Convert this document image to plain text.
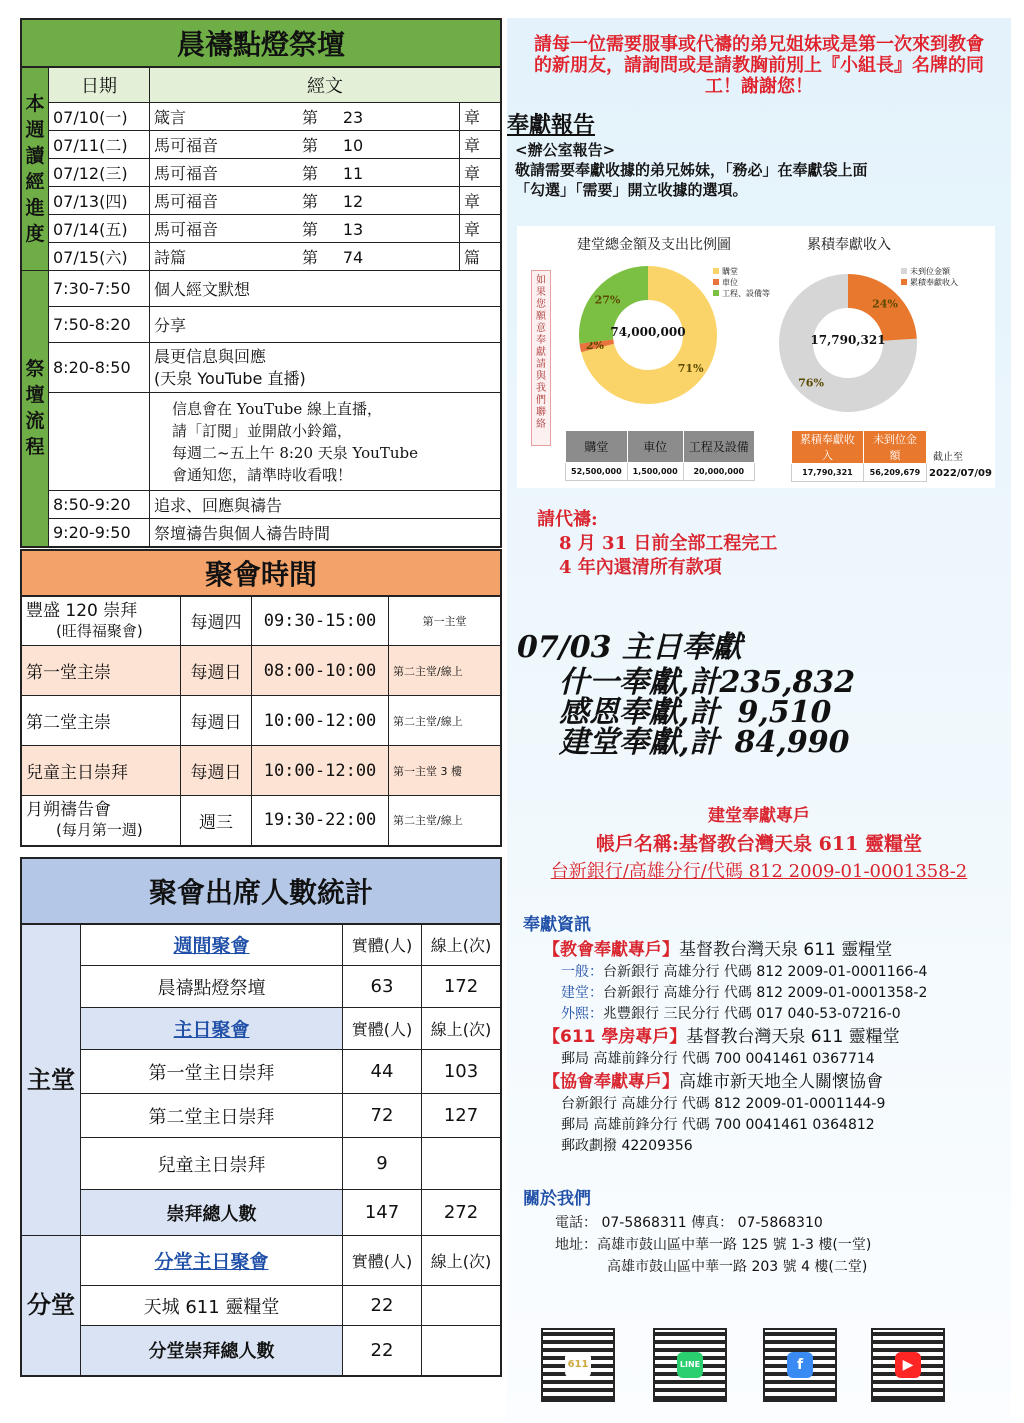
晨禱點燈祭壇				
本週讀經進度	日期	經文		
	07/10(一)	箴言	第 23	章
	07/11(二)	馬可福音	第 10	章
	07/12(三)	馬可福音	第 11	章
	07/13(四)	馬可福音	第 12	章
	07/14(五)	馬可福音	第 13	章
	07/15(六)	詩篇	第 74	篇
祭壇流程	7:30-7:50	個人經文默想		
	7:50-8:20	分享		
	8:20-8:50	晨更信息與回應
(天泉 YouTube 直播)		

		信息會在 YouTube 線上直播，
請「訂閱」並開啟小鈴鐺，
每週二~五上午 8:20 天泉 YouTube
會通知您，請準時收看哦！		

	8:50-9:20	追求、回應與禱告		
	9:20-9:50	祭壇禱告與個人禱告時間		
聚會時間			

豐盛 120 崇拜
(旺得福聚會)	每週四	09:30-15:00	第一主堂
第一堂主崇	每週日	08:00-10:00	第二主堂/線上
第二堂主崇	每週日	10:00-12:00	第二主堂/線上
兒童主日崇拜	每週日	10:00-12:00	第一主堂 3 樓

月朔禱告會
(每月第一週)	週三	19:30-22:00	第二主堂/線上
聚會出席人數統計			
主堂	週間聚會	實體(人)	線上(次)
	晨禱點燈祭壇	63	172
	主日聚會	實體(人)	線上(次)
	第一堂主日崇拜	44	103
	第二堂主日崇拜	72	127
	兒童主日崇拜	9	
	崇拜總人數	147	272
分堂	分堂主日聚會	實體(人)	線上(次)
	天城 611 靈糧堂	22	
	分堂崇拜總人數	22	
請每一位需要服事或代禱的弟兄姐妹或是第一次來到教會的新朋友，請詢問或是請教胸前別上『小組長』名牌的同工！謝謝您！
奉獻報告
<辦公室報告>
敬請需要奉獻收據的弟兄姊妹，「務必」在奉獻袋上面
「勾選」「需要」開立收據的選項。
如果您願意奉獻請與我們聯絡
建堂總金額及支出比例圖	累積奉獻收入
71%
2%
27%
76%
24%
74,000,000
17,790,321
購堂
車位
工程、設備等
未到位金額
累積奉獻收入
購堂	車位	工程及設備
52,500,000	1,500,000	20,000,000
累積奉獻收入	未到位金額
17,790,321	56,209,679
截止至
2022/07/09
請代禱:
8 月 31 日前全部工程完工
4 年內還清所有款項
07/03 主日奉獻
什一奉獻,計235,832
感恩奉獻,計 9,510
建堂奉獻,計 84,990
建堂奉獻專戶
帳戶名稱:基督教台灣天泉 611 靈糧堂
台新銀行/高雄分行/代碼 812 2009-01-0001358-2
奉獻資訊
【教會奉獻專戶】基督教台灣天泉 611 靈糧堂
一般：台新銀行 高雄分行 代碼 812 2009-01-0001166-4
建堂：台新銀行 高雄分行 代碼 812 2009-01-0001358-2
外熙：兆豐銀行 三民分行 代碼 017 040-53-07216-0
【611 學房專戶】基督教台灣天泉 611 靈糧堂
郵局 高雄前鋒分行 代碼 700 0041461 0367714
【協會奉獻專戶】高雄市新天地全人關懷協會
台新銀行 高雄分行 代碼 812 2009-01-0001144-9
郵局 高雄前鋒分行 代碼 700 0041461 0364812
郵政劃撥 42209356
關於我們
電話： 07-5868311 傳真： 07-5868310
地址：高雄市鼓山區中華一路 125 號 1-3 樓(一堂)
高雄市鼓山區中華一路 203 號 4 樓(二堂)
611	LINE	f	▶
